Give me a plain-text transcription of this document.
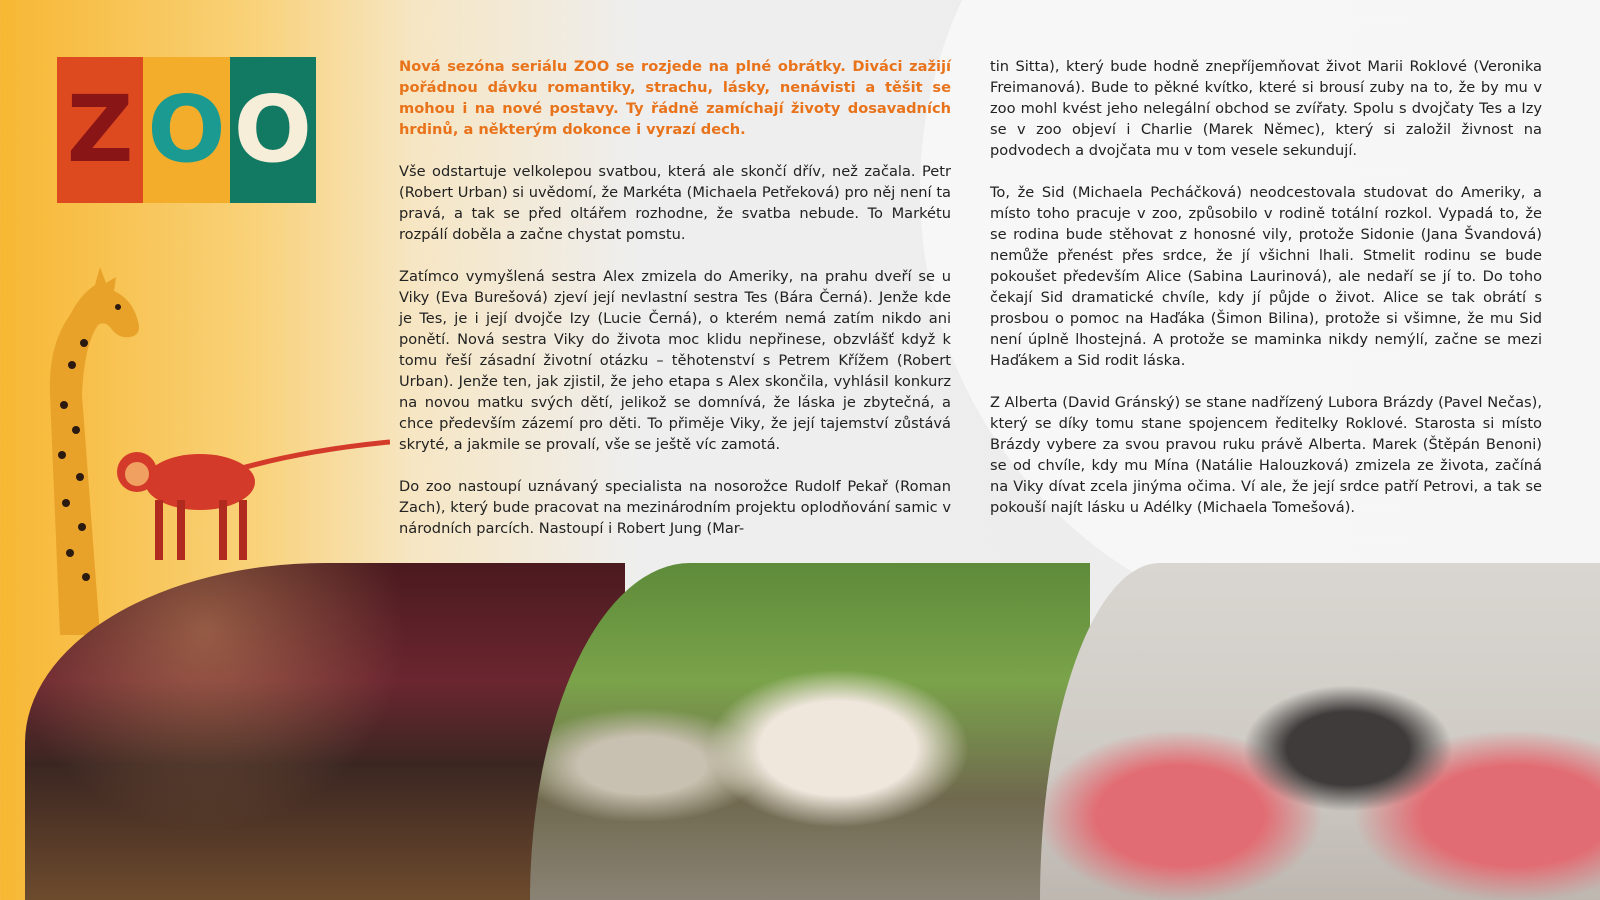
Z O O

Nová sezóna seriálu ZOO se rozjede na plné obrátky. Diváci zažijí pořádnou dávku romantiky, strachu, lásky, nenávisti a těšit se mohou i na nové postavy. Ty řádně zamíchají životy dosavadních hrdinů, a některým dokonce i vyrazí dech.

Vše odstartuje velkolepou svatbou, která ale skončí dřív, než začala. Petr (Robert Urban) si uvědomí, že Markéta (Michaela Petřeková) pro něj není ta pravá, a tak se před oltářem rozhodne, že svatba nebude. To Markétu rozpálí doběla a začne chystat pomstu.

Zatímco vymyšlená sestra Alex zmizela do Ameriky, na prahu dveří se u Viky (Eva Burešová) zjeví její nevlastní sestra Tes (Bára Černá). Jenže kde je Tes, je i její dvojče Izy (Lucie Černá), o kterém nemá zatím nikdo ani ponětí. Nová sestra Viky do života moc klidu nepřinese, obzvlášť když k tomu řeší zásadní životní otázku – těhotenství s Petrem Křížem (Robert Urban). Jenže ten, jak zjistil, že jeho etapa s Alex skončila, vyhlásil konkurz na novou matku svých dětí, jelikož se domnívá, že láska je zbytečná, a chce především zázemí pro děti. To přiměje Viky, že její tajemství zůstává skryté, a jakmile se provalí, vše se ještě víc zamotá.

Do zoo nastoupí uznávaný specialista na nosorožce Rudolf Pekař (Roman Zach), který bude pracovat na mezinárodním projektu oplodňování samic v národních parcích. Nastoupí i Robert Jung (Mar-

tin Sitta), který bude hodně znepříjemňovat život Marii Roklové (Veronika Freimanová). Bude to pěkné kvítko, které si brousí zuby na to, že by mu v zoo mohl kvést jeho nelegální obchod se zvířaty. Spolu s dvojčaty Tes a Izy se v zoo objeví i Charlie (Marek Němec), který si založil živnost na podvodech a dvojčata mu v tom vesele sekundují.

To, že Sid (Michaela Pecháčková) neodcestovala studovat do Ameriky, a místo toho pracuje v zoo, způsobilo v rodině totální rozkol. Vypadá to, že se rodina bude stěhovat z honosné vily, protože Sidonie (Jana Švandová) nemůže přenést přes srdce, že jí všichni lhali. Stmelit rodinu se bude pokoušet především Alice (Sabina Laurinová), ale nedaří se jí to. Do toho čekají Sid dramatické chvíle, kdy jí půjde o život. Alice se tak obrátí s prosbou o pomoc na Haďáka (Šimon Bilina), protože si všimne, že mu Sid není úplně lhostejná. A protože se maminka nikdy nemýlí, začne se mezi Haďákem a Sid rodit láska.

Z Alberta (David Gránský) se stane nadřízený Lubora Brázdy (Pavel Nečas), který se díky tomu stane spojencem ředitelky Roklové. Starosta si místo Brázdy vybere za svou pravou ruku právě Alberta. Marek (Štěpán Benoni) se od chvíle, kdy mu Mína (Natálie Halouzková) zmizela ze života, začíná na Viky dívat zcela jinýma očima. Ví ale, že její srdce patří Petrovi, a tak se pokouší najít lásku u Adélky (Michaela Tomešová).
